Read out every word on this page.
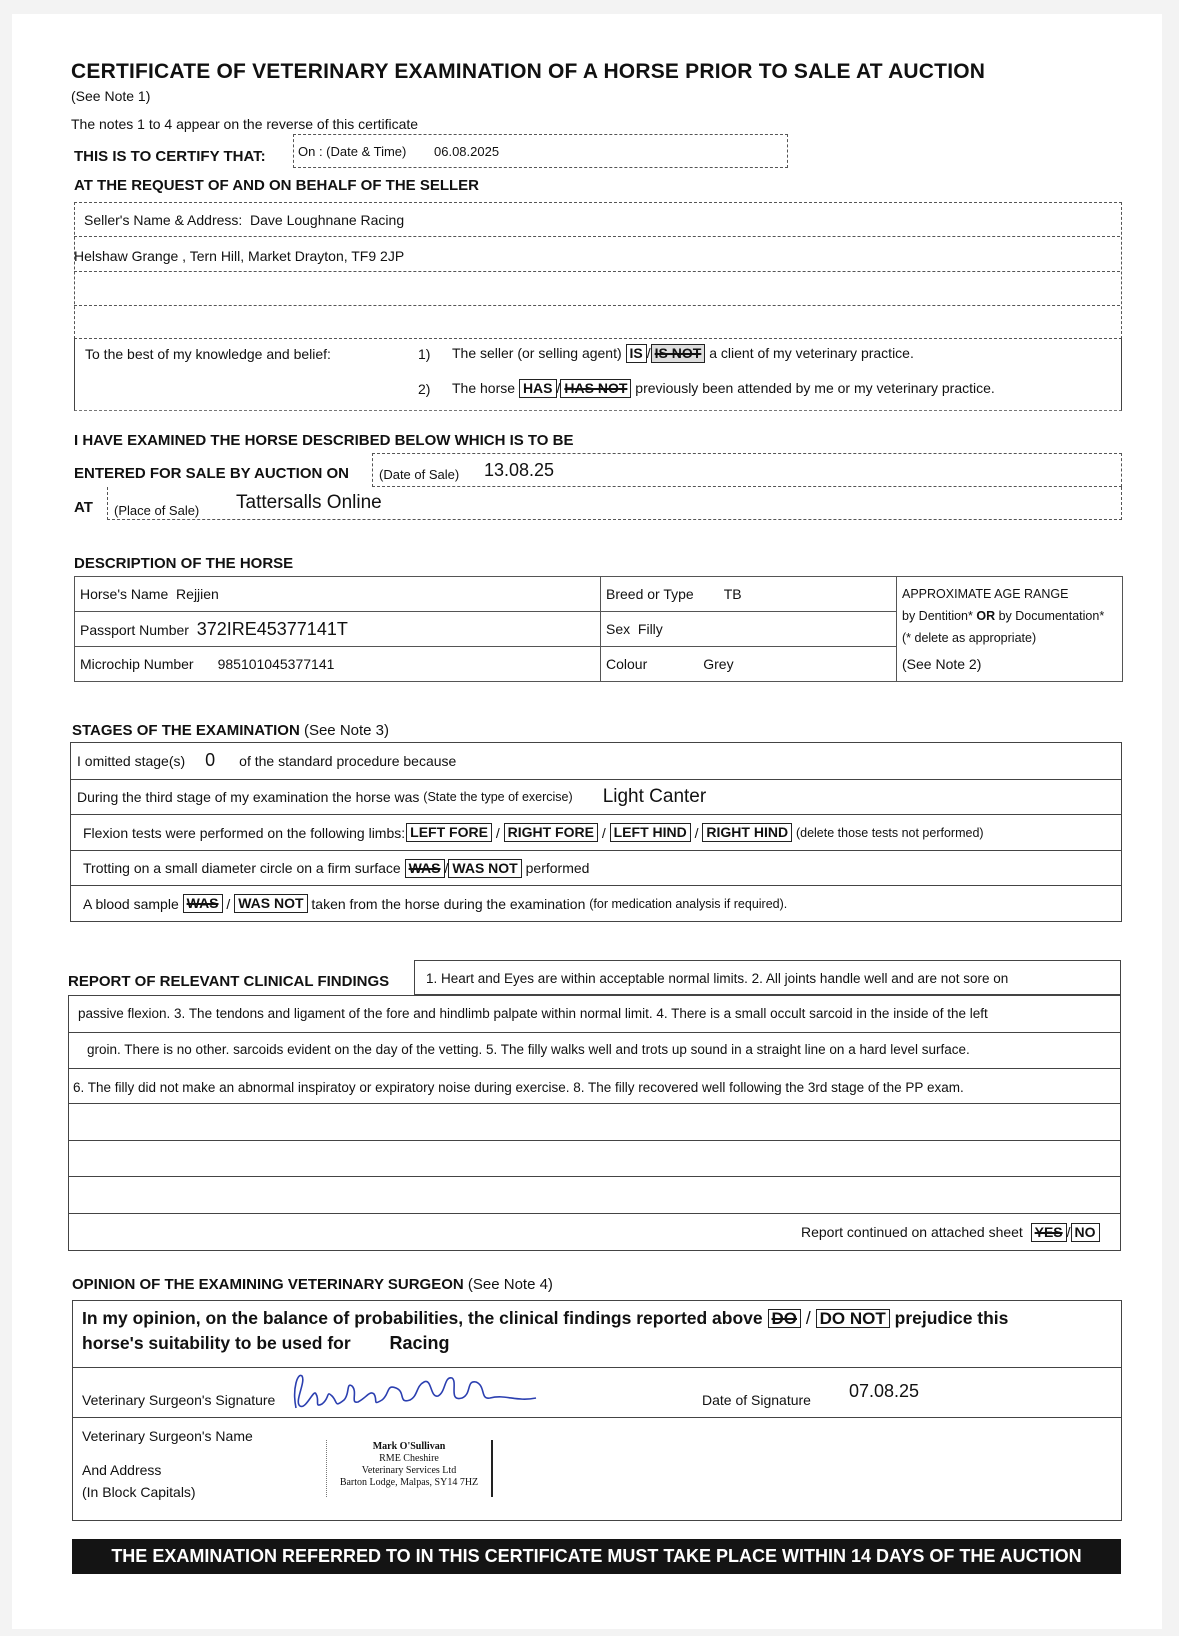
CERTIFICATE OF VETERINARY EXAMINATION OF A HORSE PRIOR TO SALE AT AUCTION
(See Note 1)
The notes 1 to 4 appear on the reverse of this certificate
THIS IS TO CERTIFY THAT: On : (Date & Time) 06.08.2025
AT THE REQUEST OF AND ON BEHALF OF THE SELLER
Seller's Name & Address: Dave Loughnane Racing
Helshaw Grange , Tern Hill, Market Drayton, TF9 2JP
To the best of my knowledge and belief:	1) The seller (or selling agent) IS / IS NOT a client of my veterinary practice.
2) The horse HAS / HAS NOT previously been attended by me or my veterinary practice.
I HAVE EXAMINED THE HORSE DESCRIBED BELOW WHICH IS TO BE
ENTERED FOR SALE BY AUCTION ON (Date of Sale) 13.08.25
AT (Place of Sale) Tattersalls Online
DESCRIPTION OF THE HORSE
Horse's Name Rejjien	Breed or Type TB	APPROXIMATE AGE RANGE
by Dentition* OR by Documentation*
(* delete as appropriate)
(See Note 2)

Passport Number 372IRE45377141T	Sex Filly	
Microchip Number 985101045377141	Colour Grey	
STAGES OF THE EXAMINATION (See Note 3)
I omitted stage(s) 0 of the standard procedure because
During the third stage of my examination the horse was
(State the type of exercise) Light Canter
Flexion tests were performed on the following limbs: LEFT FORE
/
RIGHT FORE
/
LEFT HIND
/
RIGHT HIND
(delete those tests not performed)
Trotting on a small diameter circle on a firm surface
WAS / WAS NOT
performed
A blood sample
WAS
/
WAS NOT
taken from the horse during the examination
(for medication analysis if required).
REPORT OF RELEVANT CLINICAL FINDINGS	1. Heart and Eyes are within acceptable normal limits. 2. All joints handle well and are not sore on
passive flexion. 3. The tendons and ligament of the fore and hindlimb palpate within normal limit. 4. There is a small occult sarcoid in the inside of the left
groin. There is no other. sarcoids evident on the day of the vetting. 5. The filly walks well and trots up sound in a straight line on a hard level surface.
6. The filly did not make an abnormal inspiratoy or expiratory noise during exercise. 8. The filly recovered well following the 3rd stage of the PP exam.
Report continued on attached sheet YES / NO
OPINION OF THE EXAMINING VETERINARY SURGEON (See Note 4)
In my opinion, on the balance of probabilities, the clinical findings reported above DO / DO NOT prejudice this
horse's suitability to be used for Racing
Veterinary Surgeon's Signature	Date of Signature 07.08.25
Veterinary Surgeon's Name
And Address
(In Block Capitals)
Mark O'Sullivan
RME Cheshire
Veterinary Services Ltd
Barton Lodge, Malpas, SY14 7HZ
THE EXAMINATION REFERRED TO IN THIS CERTIFICATE MUST TAKE PLACE WITHIN 14 DAYS OF THE AUCTION
